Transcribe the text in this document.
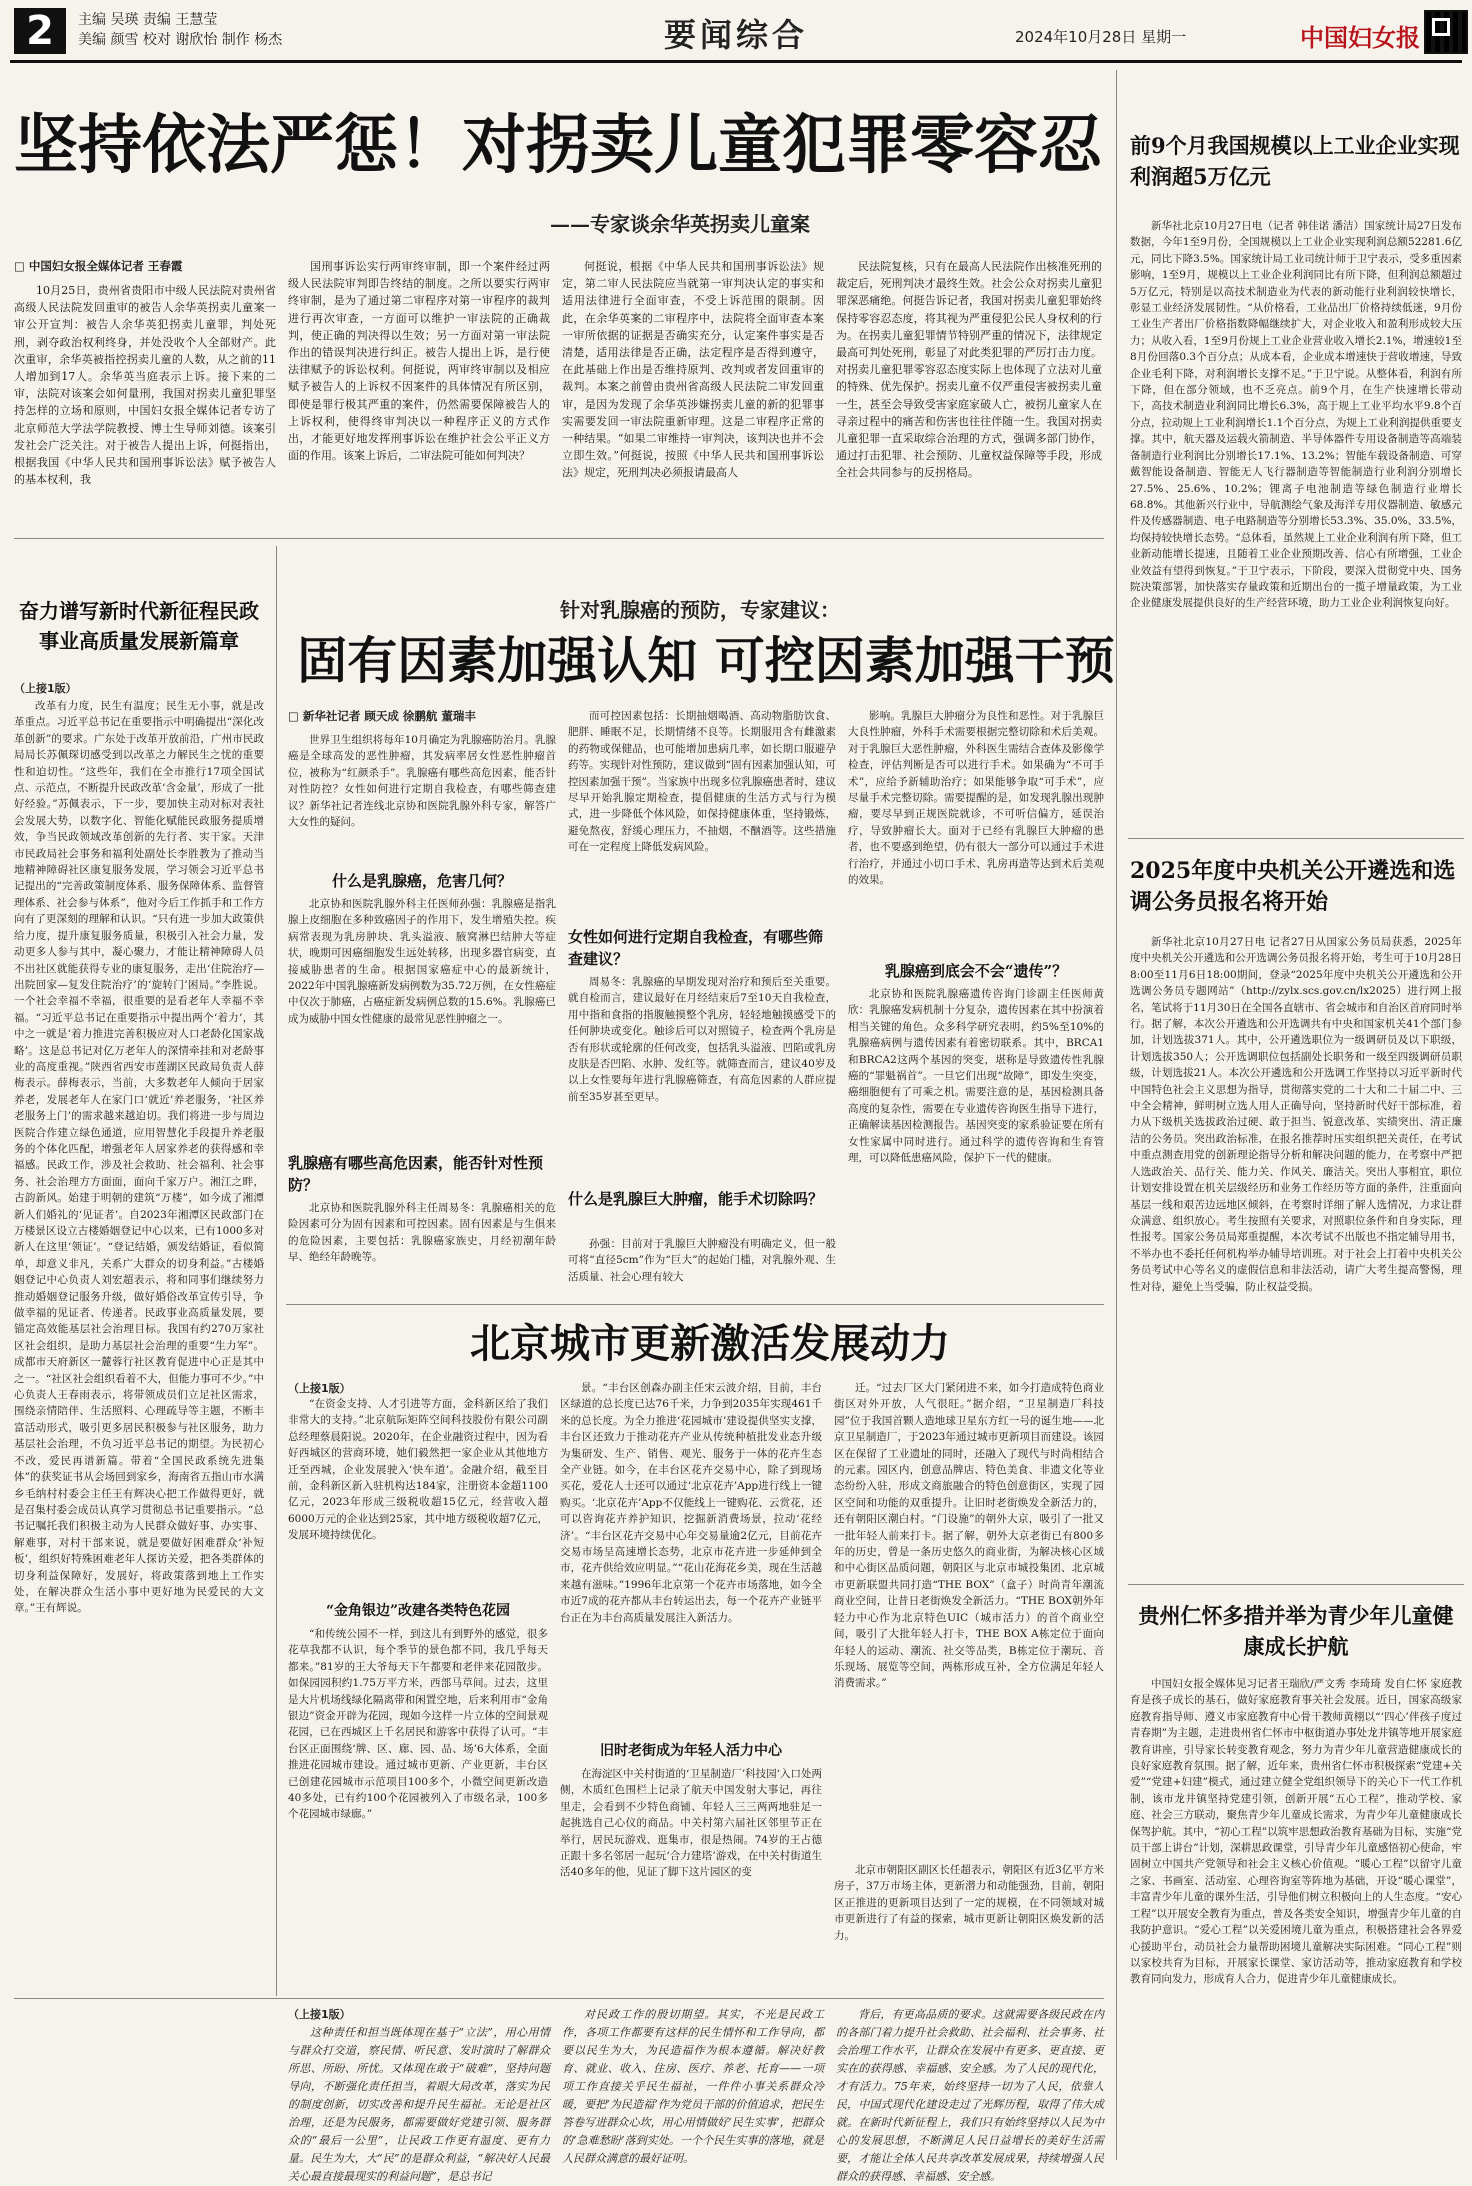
2	主编 吴瑛 责编 王慧莹
美编 颜雪 校对 谢欣怡 制作 杨杰	要闻综合	2024年10月28日 星期一	中国妇女报
坚持依法严惩！对拐卖儿童犯罪零容忍
——专家谈余华英拐卖儿童案
□ 中国妇女报全媒体记者 王春霞

10月25日，贵州省贵阳市中级人民法院对贵州省高级人民法院发回重审的被告人余华英拐卖儿童案一审公开宣判：被告人余华英犯拐卖儿童罪，判处死刑，剥夺政治权利终身，并处没收个人全部财产。此次重审，余华英被指控拐卖儿童的人数，从之前的11人增加到17人。余华英当庭表示上诉。接下来的二审，法院对该案会如何量刑，我国对拐卖儿童犯罪坚持怎样的立场和原则，中国妇女报全媒体记者专访了北京师范大学法学院教授、博士生导师刘德。该案引发社会广泛关注。对于被告人提出上诉，何挺指出，根据我国《中华人民共和国刑事诉讼法》赋予被告人的基本权利，我

国刑事诉讼实行两审终审制，即一个案件经过两级人民法院审判即告终结的制度。之所以要实行两审终审制，是为了通过第二审程序对第一审程序的裁判进行再次审查，一方面可以维护一审法院的正确裁判，使正确的判决得以生效；另一方面对第一审法院作出的错误判决进行纠正。被告人提出上诉，是行使法律赋予的诉讼权利。何挺说，两审终审制以及相应赋予被告人的上诉权不因案件的具体情况有所区别，即使是罪行极其严重的案件，仍然需要保障被告人的上诉权利，使得终审判决以一种程序正义的方式作出，才能更好地发挥刑事诉讼在维护社会公平正义方面的作用。该案上诉后，二审法院可能如何判决？

何挺说，根据《中华人民共和国刑事诉讼法》规定，第二审人民法院应当就第一审判决认定的事实和适用法律进行全面审查，不受上诉范围的限制。因此，在余华英案的二审程序中，法院将全面审查本案一审所依据的证据是否确实充分，认定案件事实是否清楚，适用法律是否正确，法定程序是否得到遵守，在此基础上作出是否维持原判、改判或者发回重审的裁判。本案之前曾由贵州省高级人民法院二审发回重审，是因为发现了余华英涉嫌拐卖儿童的新的犯罪事实需要发回一审法院重新审理。这是二审程序正常的一种结果。“如果二审维持一审判决，该判决也并不会立即生效。”何挺说，按照《中华人民共和国刑事诉讼法》规定，死刑判决必须报请最高人

民法院复核，只有在最高人民法院作出核准死刑的裁定后，死刑判决才最终生效。社会公众对拐卖儿童犯罪深恶痛绝。何挺告诉记者，我国对拐卖儿童犯罪始终保持零容忍态度，将其视为严重侵犯公民人身权利的行为。在拐卖儿童犯罪情节特别严重的情况下，法律规定最高可判处死刑，彰显了对此类犯罪的严厉打击力度。对拐卖儿童犯罪零容忍态度实际上也体现了立法对儿童的特殊、优先保护。拐卖儿童不仅严重侵害被拐卖儿童一生，甚至会导致受害家庭家破人亡，被拐儿童家人在寻亲过程中的痛苦和伤害也往往伴随一生。我国对拐卖儿童犯罪一直采取综合治理的方式，强调多部门协作，通过打击犯罪、社会预防、儿童权益保障等手段，形成全社会共同参与的反拐格局。

前9个月我国规模以上工业企业实现利润超5万亿元

新华社北京10月27日电（记者 韩佳诺 潘洁）国家统计局27日发布数据，今年1至9月份，全国规模以上工业企业实现利润总额52281.6亿元，同比下降3.5%。国家统计局工业司统计师于卫宁表示，受多重因素影响，1至9月，规模以上工业企业利润同比有所下降，但利润总额超过5万亿元，特别是以高技术制造业为代表的新动能行业利润较快增长，彰显工业经济发展韧性。“从价格看，工业品出厂价格持续低迷，9月份工业生产者出厂价格指数降幅继续扩大，对企业收入和盈利形成较大压力；从收入看，1至9月份规上工业企业营业收入增长2.1%，增速较1至8月份回落0.3个百分点；从成本看，企业成本增速快于营收增速，导致企业毛利下降，对利润增长支撑不足。”于卫宁说。从整体看，利润有所下降，但在部分领域，也不乏亮点。前9个月，在生产快速增长带动下，高技术制造业利润同比增长6.3%，高于规上工业平均水平9.8个百分点，拉动规上工业利润增长1.1个百分点，为规上工业利润提供重要支撑。其中，航天器及运载火箭制造、半导体器件专用设备制造等高端装备制造行业利润比分别增长17.1%、13.2%；智能车载设备制造、可穿戴智能设备制造、智能无人飞行器制造等智能制造行业利润分别增长27.5%、25.6%、10.2%；锂离子电池制造等绿色制造行业增长68.8%。其他新兴行业中，导航测绘气象及海洋专用仪器制造、敏感元件及传感器制造、电子电路制造等分别增长53.3%、35.0%、33.5%，均保持较快增长态势。“总体看，虽然规上工业企业利润有所下降，但工业新动能增长提速，且随着工业企业预期改善、信心有所增强，工业企业效益有望得到恢复。”于卫宁表示，下阶段，要深入贯彻党中央、国务院决策部署，加快落实存量政策和近期出台的一揽子增量政策，为工业企业健康发展提供良好的生产经营环境，助力工业企业利润恢复向好。

奋力谱写新时代新征程民政事业高质量发展新篇章
（上接1版）

改革有力度，民生有温度；民生无小事，就是改革重点。习近平总书记在重要指示中明确提出“深化改革创新”的要求。广东处于改革开放前沿，广州市民政局局长苏佩琛切感受到以改革之力解民生之忧的重要性和迫切性。“这些年，我们在全市推行17项全国试点、示范点，不断提升民政改革‘含金量’，形成了一批好经验。”苏佩表示，下一步，要加快主动对标对表社会发展大势，以数字化、智能化赋能民政服务提质增效，争当民政领域改革创新的先行者、实干家。天津市民政局社会事务和福利处副处长李胜教为了推动当地精神障碍社区康复服务发展，学习领会习近平总书记提出的“完善政策制度体系、服务保障体系、监督管理体系、社会参与体系”，他对今后工作抓手和工作方向有了更深刻的理解和认识。“只有进一步加大政策供给力度，提升康复服务质量，积极引入社会力量，发动更多人参与其中，凝心聚力，才能让精神障碍人员不出社区就能获得专业的康复服务，走出‘住院治疗—出院回家—复发住院治疗’的‘旋转门’困局。”李胜说。一个社会幸福不幸福，很重要的是看老年人幸福不幸福。“习近平总书记在重要指示中提出两个‘着力’，其中之一就是‘着力推进完善积极应对人口老龄化国家战略’。这是总书记对亿万老年人的深情牵挂和对老龄事业的高度重视。”陕西省西安市莲湖区民政局负责人薛梅表示。薛梅表示，当前，大多数老年人倾向于居家养老，发展老年人在家门口‘就近’养老服务，‘社区养老服务上门’的需求越来越迫切。我们将进一步与周边医院合作建立绿色通道，应用智慧化手段提升养老服务的个体化匹配，增强老年人居家养老的获得感和幸福感。民政工作，涉及社会救助、社会福利、社会事务、社会治理方方面面，面向千家万户。湘江之畔，古韵新风。始建于明朝的建筑“万楼”，如今成了湘潭新人们婚礼的‘见证者’。自2023年湘潭区民政部门在万楼景区设立古楼婚姻登记中心以来，已有1000多对新人在这里‘领证’。“登记结婚，颁发结婚证，看似简单，却意义非凡，关系广大群众的切身利益。”古楼婚姻登记中心负责人刘宏超表示，将和同事们继续努力推动婚姻登记服务升级，做好婚俗改革宣传引导，争做幸福的见证者、传递者。民政事业高质量发展，要锚定高效能基层社会治理目标。我国有约270万家社区社会组织，是助力基层社会治理的重要“生力军”。成都市天府新区一麓蓉行社区教育促进中心正是其中之一。“社区社会组织看着不大，但能力事可不少。”中心负责人王春雨表示，将带领成员们立足社区需求，围绕亲情陪伴、生活照料、心理疏导等主题，不断丰富活动形式，吸引更多居民积极参与社区服务，助力基层社会治理，不负习近平总书记的期望。为民初心不改，爱民再谱新篇。带着“全国民政系统先进集体”的获奖证书从会场回到家乡，海南省五指山市水满乡毛纳村村委会主任王有辉决心把工作做得更好，就是召集村委会成员认真学习贯彻总书记重要指示。“总书记嘱托我们积极主动为人民群众做好事、办实事、解难事，对村干部来说，就是要做好困难群众‘补短板’，组织好特殊困难老年人探访关爱，把各类群体的切身利益保障好，发展好，将政策落到地上工作实处，在解决群众生活小事中更好地为民爱民的大文章。”王有辉说。

针对乳腺癌的预防，专家建议：
固有因素加强认知 可控因素加强干预
□ 新华社记者 顾天成 徐鹏航 董瑞丰

世界卫生组织将每年10月确定为乳腺癌防治月。乳腺癌是全球高发的恶性肿瘤，其发病率居女性恶性肿瘤首位，被称为“红颜杀手”。乳腺癌有哪些高危因素，能否针对性防控？女性如何进行定期自我检查，有哪些筛查建议？新华社记者连线北京协和医院乳腺外科专家，解答广大女性的疑问。

什么是乳腺癌，危害几何？

北京协和医院乳腺外科主任医师孙强：乳腺癌是指乳腺上皮细胞在多种致癌因子的作用下，发生增殖失控。疾病常表现为乳房肿块、乳头溢液、腋窝淋巴结肿大等症状，晚期可因癌细胞发生远处转移，出现多器官病变，直接威胁患者的生命。根据国家癌症中心的最新统计，2022年中国乳腺癌新发病例数为35.72万例，在女性癌症中仅次于肺癌，占癌症新发病例总数的15.6%。乳腺癌已成为威胁中国女性健康的最常见恶性肿瘤之一。

乳腺癌有哪些高危因素，能否针对性预防？

北京协和医院乳腺外科主任周易冬：乳腺癌相关的危险因素可分为固有因素和可控因素。固有因素是与生俱来的危险因素，主要包括：乳腺癌家族史，月经初潮年龄早、绝经年龄晚等。

而可控因素包括：长期抽烟喝酒、高动物脂肪饮食、肥胖、睡眠不足，长期情绪不良等。长期服用含有雌激素的药物或保健品，也可能增加患病几率，如长期口服避孕药等。实现针对性预防，建议做到“固有因素加强认知，可控因素加强干预”。当家族中出现多位乳腺癌患者时，建议尽早开始乳腺定期检查，提倡健康的生活方式与行为模式，进一步降低个体风险，如保持健康体重，坚持锻炼，避免熬夜，舒缓心理压力，不抽烟，不酗酒等。这些措施可在一定程度上降低发病风险。

女性如何进行定期自我检查，有哪些筛查建议？

周易冬：乳腺癌的早期发现对治疗和预后至关重要。就自检而言，建议最好在月经结束后7至10天自我检查，用中指和食指的指腹触摸整个乳房，轻轻地触摸感受下的任何肿块或变化。触诊后可以对照镜子，检查两个乳房是否有形状或轮廓的任何改变，包括乳头溢液、凹陷或乳房皮肤是否凹陷、水肿、发红等。就筛查而言，建议40岁及以上女性要每年进行乳腺癌筛查，有高危因素的人群应提前至35岁甚至更早。

什么是乳腺巨大肿瘤，能手术切除吗？

孙强：目前对于乳腺巨大肿瘤没有明确定义，但一般可将“直径5cm”作为“巨大”的起始门槛，对乳腺外观、生活质量、社会心理有较大

影响。乳腺巨大肿瘤分为良性和恶性。对于乳腺巨大良性肿瘤，外科手术需要根据完整切除和术后美观。对于乳腺巨大恶性肿瘤，外科医生需结合查体及影像学检查，评估判断是否可以进行手术。如果确为“不可手术”，应给予新辅助治疗；如果能够争取“可手术”，应尽量手术完整切除。需要提醒的是，如发现乳腺出现肿瘤，要尽早到正规医院就诊，不可听信偏方，延误治疗，导致肿瘤长大。面对于已经有乳腺巨大肿瘤的患者，也不要惑到绝望，仍有很大一部分可以通过手术进行治疗，并通过小切口手术、乳房再造等达到术后美观的效果。

乳腺癌到底会不会“遗传”？

北京协和医院乳腺癌遗传咨询门诊副主任医师黄欣：乳腺癌发病机制十分复杂，遗传因素在其中扮演着相当关键的角色。众多科学研究表明，约5%至10%的乳腺癌病例与遗传因素有着密切联系。其中，BRCA1和BRCA2这两个基因的突变，堪称是导致遗传性乳腺癌的“罪魁祸首”。一旦它们出现“故障”，即发生突变，癌细胞便有了可乘之机。需要注意的是，基因检测具备高度的复杂性，需要在专业遗传咨询医生指导下进行，正确解读基因检测报告。基因突变的家系验证要在所有女性家属中同时进行。通过科学的遗传咨询和生育管理，可以降低患癌风险，保护下一代的健康。

2025年度中央机关公开遴选和选调公务员报名将开始

新华社北京10月27日电 记者27日从国家公务员局获悉，2025年度中央机关公开遴选和公开选调公务员报名将开始，考生可于10月28日8:00至11月6日18:00期间，登录“2025年度中央机关公开遴选和公开选调公务员专题网站”（http://zylx.scs.gov.cn/lx2025）进行网上报名，笔试将于11月30日在全国各直辖市、省会城市和自治区首府同时举行。据了解，本次公开遴选和公开选调共有中央和国家机关41个部门参加，计划选拔371人。其中，公开遴选职位为一级调研员及以下职级，计划选拔350人；公开选调职位包括副处长职务和一级至四级调研员职级，计划选拔21人。本次公开遴选和公开选调工作坚持以习近平新时代中国特色社会主义思想为指导，贯彻落实党的二十大和二十届二中、三中全会精神，鲜明树立选人用人正确导向，坚持新时代好干部标准，着力从下级机关选拔政治过硬、敢于担当、锐意改革、实绩突出、清正廉洁的公务员。突出政治标准，在报名推荐时压实组织把关责任，在考试中重点测查用党的创新理论指导分析和解决问题的能力，在考察中严把人选政治关、品行关、能力关、作风关、廉洁关。突出人事相宜，职位计划安排设置在机关层级经历和业务工作经历等方面的条件，注重面向基层一线和艰苦边远地区倾斜，在考察时详细了解人选情况，力求让群众满意、组织放心。考生按照有关要求，对照职位条件和自身实际，理性报考。国家公务员局郑重提醒，本次考试不出版也不指定辅导用书，不举办也不委托任何机构举办辅导培训班。对于社会上打着中央机关公务员考试中心等名义的虚假信息和非法活动，请广大考生提高警惕，理性对待，避免上当受骗，防止权益受损。

北京城市更新激活发展动力
（上接1版）

“在资金支持、人才引进等方面，金科新区给了我们非常大的支持。”北京航际矩阵空间科技股份有限公司副总经理蔡晨阳说。2020年，在企业融资过程中，因为看好西城区的营商环境，她们毅然把一家企业从其他地方迁至西城，企业发展驶入‘快车道’。金融介绍，截至目前，金科新区新入驻机构达184家，注册资本金超1100亿元，2023年形成三级税收超15亿元，经营收入超6000万元的企业达到25家，其中地方级税收超7亿元，发展环境持续优化。

“金角银边”改建各类特色花园

“和传统公园不一样，到这儿有到野外的感觉，很多花草我都不认识，每个季节的景色都不同，我几乎每天都来。”81岁的王大爷每天下午都要和老伴来花园散步。如保园园积约1.75万平方米，西部马草间。过去，这里是大片机场线绿化隔离带和闲置空地，后来利用市“金角银边”资金开辟为花园，现如今这样一片立体的空间景观花园，已在西城区上千名居民和游客中获得了认可。“丰台区正面围绕‘牌、区、廊、园、品、场’6大体系，全面推进花园城市建设。通过城市更新、产业更新，丰台区已创建花园城市示范项目100多个，小微空间更新改造40多处，已有约100个花园被列入了市级名录，100多个花园城市绿廊。”

景。“丰台区创森办副主任宋云波介绍，目前，丰台区绿道的总长度已达76千米，力争到2035年实现461千米的总长度。为全力推进‘花园城市’建设提供坚实支撑，丰台区还致力于推动花卉产业从传统种植批发业态升级为集研发、生产、销售、观光、服务于一体的花卉生态全产业链。如今，在丰台区花卉交易中心，除了到现场买花，爱花人士还可以通过‘北京花卉’App进行线上一键购买。‘北京花卉’App不仅能线上一键购花、云赏花，还可以咨询花卉养护知识，挖掘新消费场景，拉动‘花经济’。“丰台区花卉交易中心年交易量逾2亿元，目前花卉交易市场呈高速增长态势，北京市花卉进一步延伸到全市，花卉供给效应明显。”“花山花海花乡美，现在生活越来越有滋味。”1996年北京第一个花卉市场落地，如今全市近7成的花卉都从丰台转运出去，每一个花卉产业链平台正在为丰台高质量发展注入新活力。

旧时老街成为年轻人活力中心

在海淀区中关村街道的‘卫星制造厂’科技园‘入口处两侧，木质红色围栏上记录了航天中国发射大事记，再往里走，会看到不少特色商铺、年轻人三三两两地驻足一起挑选自己心仪的商品。中关村第六届社区邻里节正在举行，居民玩游戏、逛集市，很是热闹。74岁的王占德正跟十多名邻居一起玩‘合力建塔’游戏，在中关村街道生活40多年的他，见证了脚下这片园区的变

迁。“过去厂区大门紧闭进不来，如今打造成特色商业街区对外开放，人气很旺。”据介绍，“卫星制造厂科技园”位于我国首颗人造地球卫星东方红一号的诞生地——北京卫星制造厂，于2023年通过城市更新项目而建设。该园区在保留了工业遗址的同时，还融入了现代与时尚相结合的元素。园区内，创意品牌店、特色美食、非遗文化等业态纷纷入驻，形成文商旅融合的特色创意街区，实现了园区空间和功能的双重提升。让旧时老街焕发全新活力的，还有朝阳区潮白村。“门设施”的朝外大京，吸引了一批又一批年轻人前来打卡。据了解，朝外大京老街已有800多年的历史，曾是一条历史悠久的商业街，为解决核心区域和中心街区品质问题，朝阳区与北京市城投集团、北京城市更新联盟共同打造“THE BOX”（盒子）时尚青年潮流商业空间，让昔日老街焕发全新活力。“THE BOX朝外年轻力中心作为北京特色UIC（城市活力）的首个商业空间，吸引了大批年轻人打卡，THE BOX A栋定位于面向年轻人的运动、潮流、社交等品类，B栋定位于潮玩、音乐现场、展览等空间，两栋形成互补，全方位满足年轻人消费需求。”

北京市朝阳区副区长任超表示，朝阳区有近3亿平方米房子，37万市场主体，更新潜力和动能强劲，目前，朝阳区正推进的更新项目达到了一定的规模，在不同领域对城市更新进行了有益的探索，城市更新让朝阳区焕发新的活力。

（上接1版）

这种责任和担当既体现在基于“立法”，用心用情与群众打交道，察民情、听民意、发时演时了解群众所思、所盼、所忧。又体现在敢于“破难”，坚持问题导向，不断强化责任担当，着眼大局改革，落实为民的制度创新，切实改善和提升民生福祉。无论是社区治理，还是为民服务，都需要做好党建引领、服务群众的“最后一公里”，让民政工作更有温度、更有力量。民生为大，大“民”的是群众利益，“解决好人民最关心最直接最现实的利益问题”，是总书记

对民政工作的殷切期望。其实，不光是民政工作，各项工作都要有这样的民生情怀和工作导向，都要以民生为大，为民造福作为根本遵循。解决好教育、就业、收入、住房、医疗、养老、托育——一项项工作直接关乎民生福祉，一件件小事关系群众冷暖，要把‘为民造福’作为党员干部的价值追求，把民生答卷写进群众心坎，用心用情做好‘民生实事’，把群众的‘急难愁盼’落到实处。一个个民生实事的落地，就是人民群众满意的最好证明。

背后，有更高品质的要求。这就需要各级民政在内的各部门着力提升社会救助、社会福利、社会事务、社会治理工作水平，让群众在发展中有更多、更直接、更实在的获得感、幸福感、安全感。为了人民的现代化，才有活力。75年来，始终坚持一切为了人民，依靠人民，中国式现代化建设走过了光辉历程，取得了伟大成就。在新时代新征程上，我们只有始终坚持以人民为中心的发展思想，不断满足人民日益增长的美好生活需要，才能让全体人民共享改革发展成果，持续增强人民群众的获得感、幸福感、安全感。

贵州仁怀多措并举为青少年儿童健康成长护航

中国妇女报全媒体见习记者王瑞欣/严文秀 李琦琦 发自仁怀 家庭教育是孩子成长的基石，做好家庭教育事关社会发展。近日，国家高级家庭教育指导师、遵义市家庭教育中心骨干教师黄栩以“‘四心’伴孩子度过青春期”为主题，走进贵州省仁怀市中枢街道办事处龙井镇等地开展家庭教育讲座，引导家长转变教育观念，努力为青少年儿童营造健康成长的良好家庭教育氛围。据了解，近年来，贵州省仁怀市积极探索“党建+关爱”“党建+妇建”模式，通过建立健全党组织领导下的关心下一代工作机制，该市龙井镇坚持党建引领，创新开展“五心工程”，推动学校、家庭、社会三方联动，聚焦青少年儿童成长需求，为青少年儿童健康成长保驾护航。其中，“初心工程”以筑牢思想政治教育基础为目标，实施“党员干部上讲台”计划，深耕思政课堂，引导青少年儿童感悟初心使命，牢固树立中国共产党领导和社会主义核心价值观。“暖心工程”以留守儿童之家、书画室、活动室、心理咨询室等阵地为基础，开设“暖心课堂”，丰富青少年儿童的课外生活，引导他们树立积极向上的人生态度。“安心工程”以开展安全教育为重点，普及各类安全知识，增强青少年儿童的自我防护意识。“爱心工程”以关爱困境儿童为重点，积极搭建社会各界爱心援助平台，动员社会力量帮助困境儿童解决实际困难。“同心工程”则以家校共育为目标，开展家长课堂、家访活动等，推动家庭教育和学校教育同向发力，形成育人合力，促进青少年儿童健康成长。
